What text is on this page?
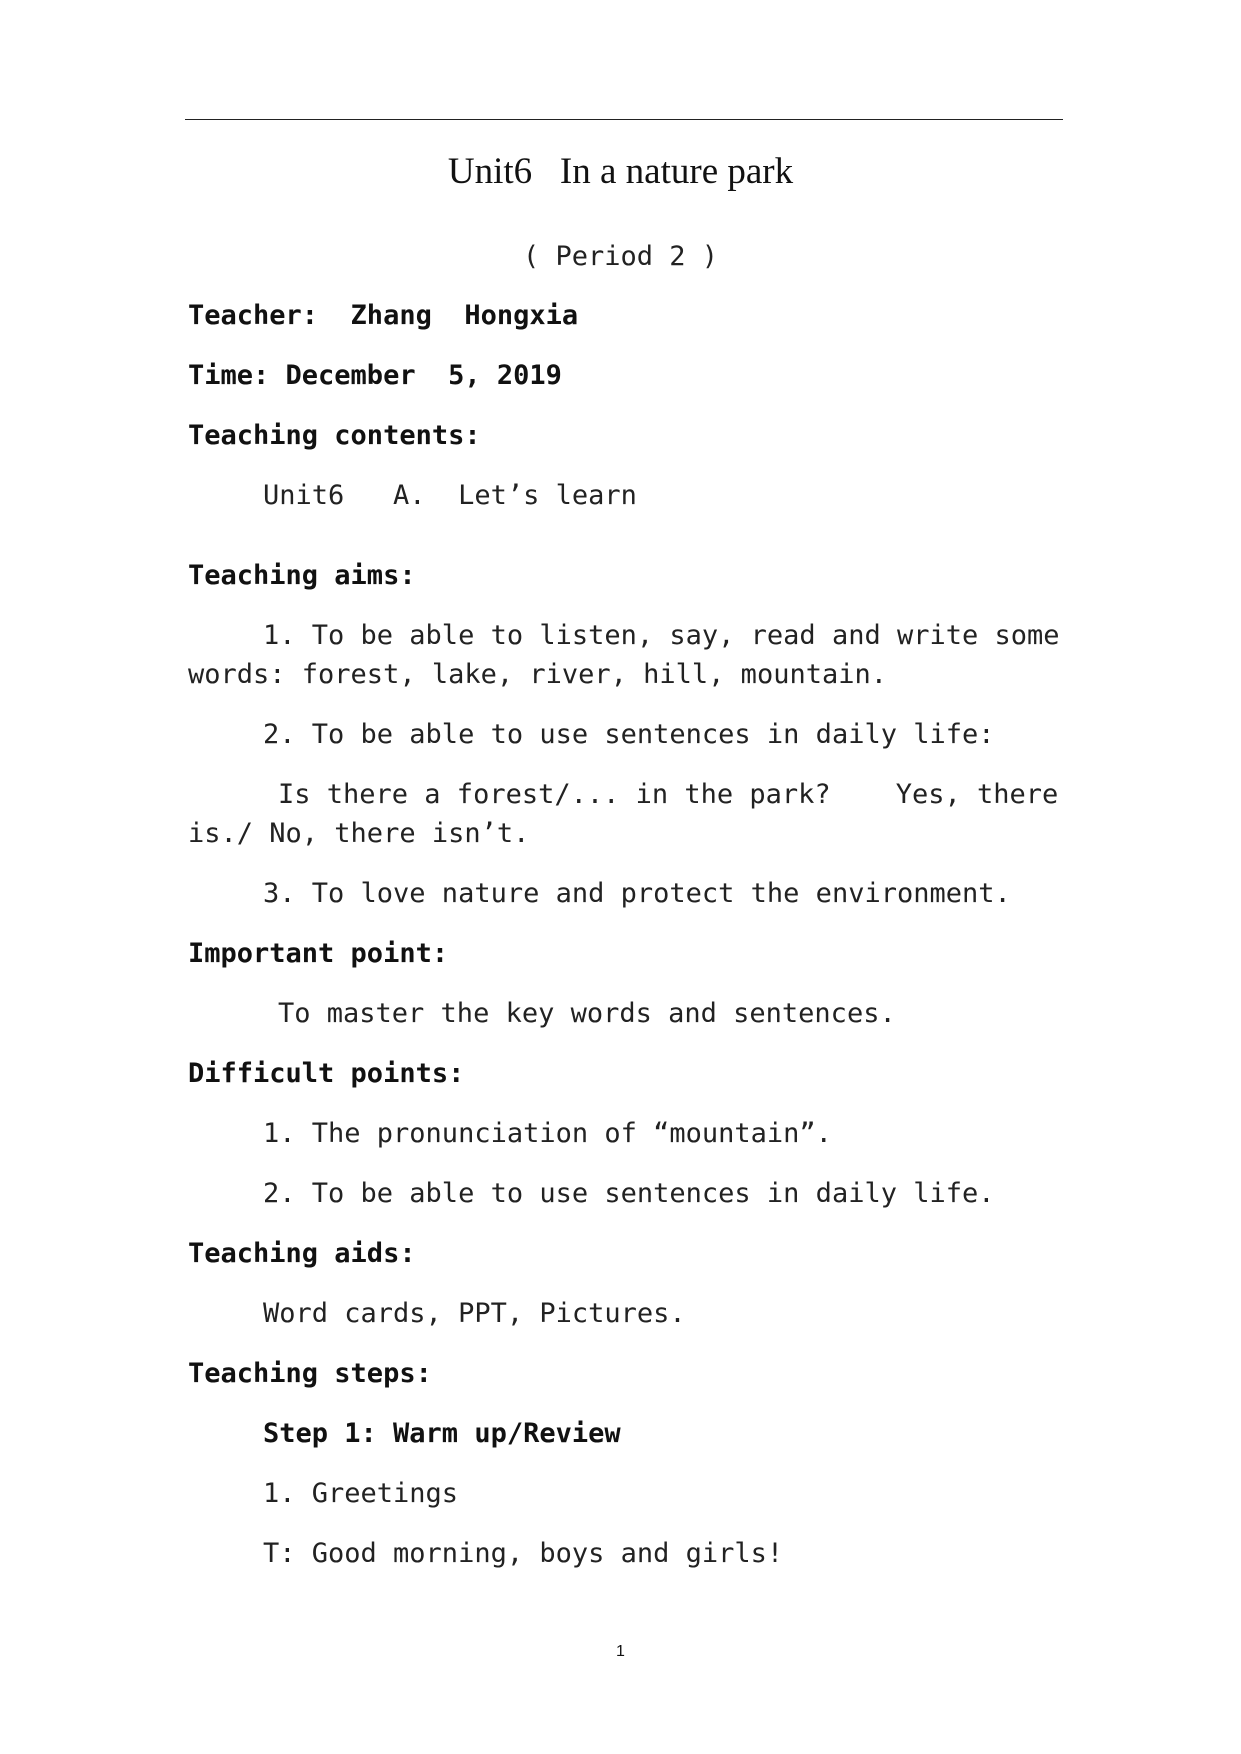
Unit6   In a nature park
( Period 2 )
Teacher:  Zhang  Hongxia
Time: December  5, 2019
Teaching contents:
Unit6   A.  Let’s learn
Teaching aims:
1. To be able to listen, say, read and write some
words: forest, lake, river, hill, mountain.
2. To be able to use sentences in daily life:
Is there a forest/... in the park?    Yes, there
is./ No, there isn’t.
3. To love nature and protect the environment.
Important point:
To master the key words and sentences.
Difficult points:
1. The pronunciation of “mountain”.
2. To be able to use sentences in daily life.
Teaching aids:
Word cards, PPT, Pictures.
Teaching steps:
Step 1: Warm up/Review
1. Greetings
T: Good morning, boys and girls!
1
